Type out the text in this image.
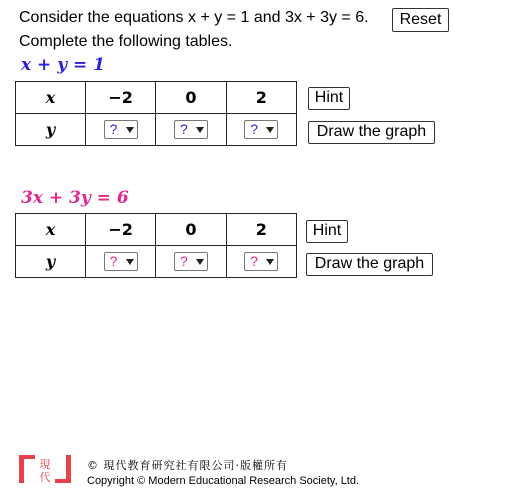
Consider the equations x + y = 1 and 3x + 3y = 6.
Complete the following tables.
Reset
x + y = 1
x	−2	0	2
y	?	?	?
Hint
Draw the graph
3x + 3y = 6
x	−2	0	2
y	?	?	?
Hint
Draw the graph
現
代
© 現代教育研究社有限公司·版權所有
Copyright © Modern Educational Research Society, Ltd.
